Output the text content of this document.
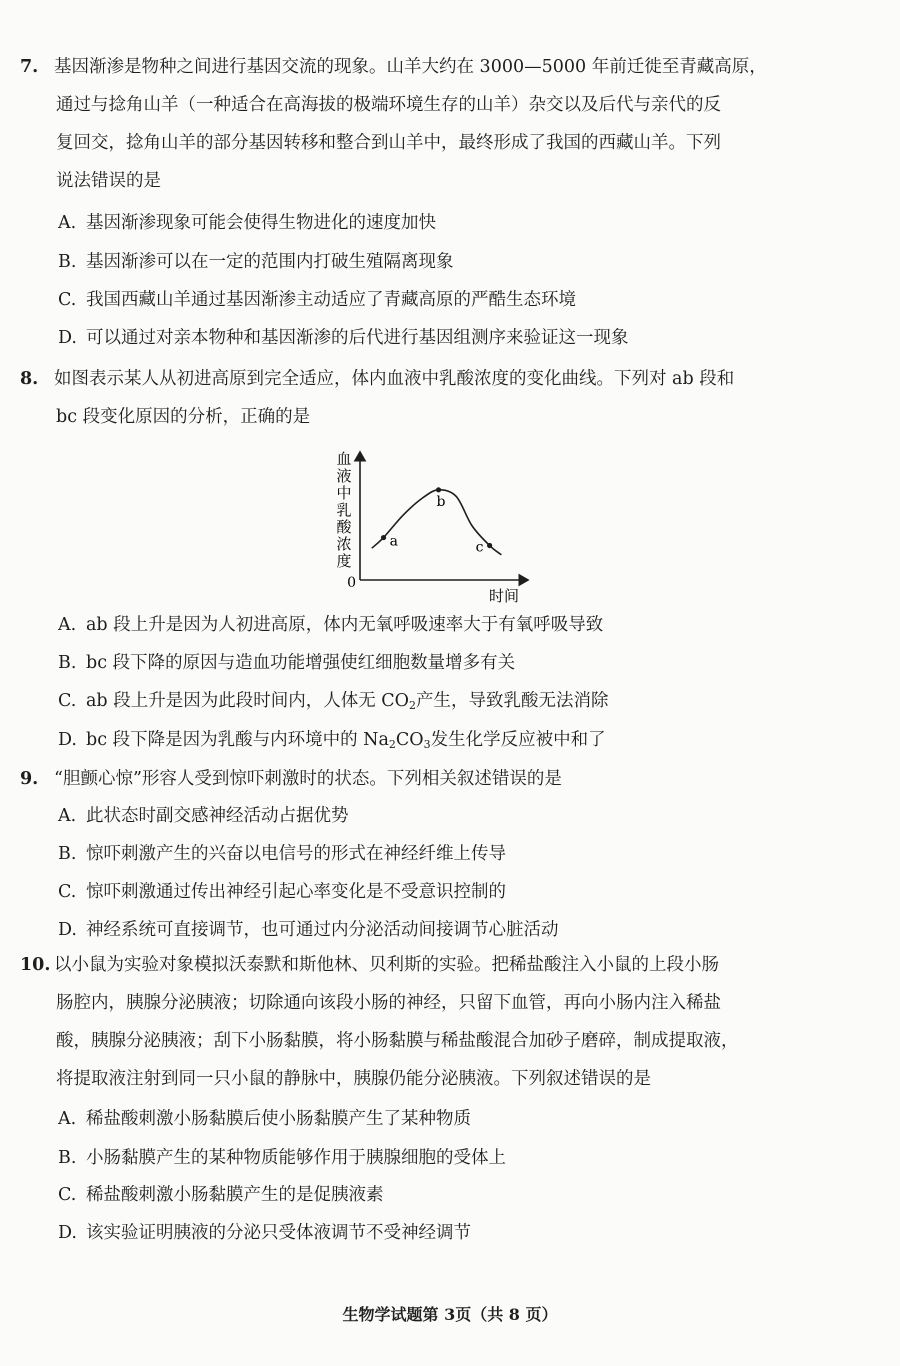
7. 基因渐渗是物种之间进行基因交流的现象。山羊大约在 3000—5000 年前迁徙至青藏高原，
通过与捻角山羊（一种适合在高海拔的极端环境生存的山羊）杂交以及后代与亲代的反
复回交，捻角山羊的部分基因转移和整合到山羊中，最终形成了我国的西藏山羊。下列
说法错误的是
A. 基因渐渗现象可能会使得生物进化的速度加快
B. 基因渐渗可以在一定的范围内打破生殖隔离现象
C. 我国西藏山羊通过基因渐渗主动适应了青藏高原的严酷生态环境
D. 可以通过对亲本物种和基因渐渗的后代进行基因组测序来验证这一现象
8. 如图表示某人从初进高原到完全适应，体内血液中乳酸浓度的变化曲线。下列对 ab 段和
bc 段变化原因的分析，正确的是
血
液
中
乳
酸
浓
度
0
时间
a
b
c
A. ab 段上升是因为人初进高原，体内无氧呼吸速率大于有氧呼吸导致
B. bc 段下降的原因与造血功能增强使红细胞数量增多有关
C. ab 段上升是因为此段时间内，人体无 $CO_2$产生，导致乳酸无法消除
D. bc 段下降是因为乳酸与内环境中的 $Na_2CO_3$发生化学反应被中和了
9. “胆颤心惊”形容人受到惊吓刺激时的状态。下列相关叙述错误的是
A. 此状态时副交感神经活动占据优势
B. 惊吓刺激产生的兴奋以电信号的形式在神经纤维上传导
C. 惊吓刺激通过传出神经引起心率变化是不受意识控制的
D. 神经系统可直接调节，也可通过内分泌活动间接调节心脏活动
10. 以小鼠为实验对象模拟沃泰默和斯他林、贝利斯的实验。把稀盐酸注入小鼠的上段小肠
肠腔内，胰腺分泌胰液；切除通向该段小肠的神经，只留下血管，再向小肠内注入稀盐
酸，胰腺分泌胰液；刮下小肠黏膜，将小肠黏膜与稀盐酸混合加砂子磨碎，制成提取液，
将提取液注射到同一只小鼠的静脉中，胰腺仍能分泌胰液。下列叙述错误的是
A. 稀盐酸刺激小肠黏膜后使小肠黏膜产生了某种物质
B. 小肠黏膜产生的某种物质能够作用于胰腺细胞的受体上
C. 稀盐酸刺激小肠黏膜产生的是促胰液素
D. 该实验证明胰液的分泌只受体液调节不受神经调节
生物学试题第 3页（共 8 页）
